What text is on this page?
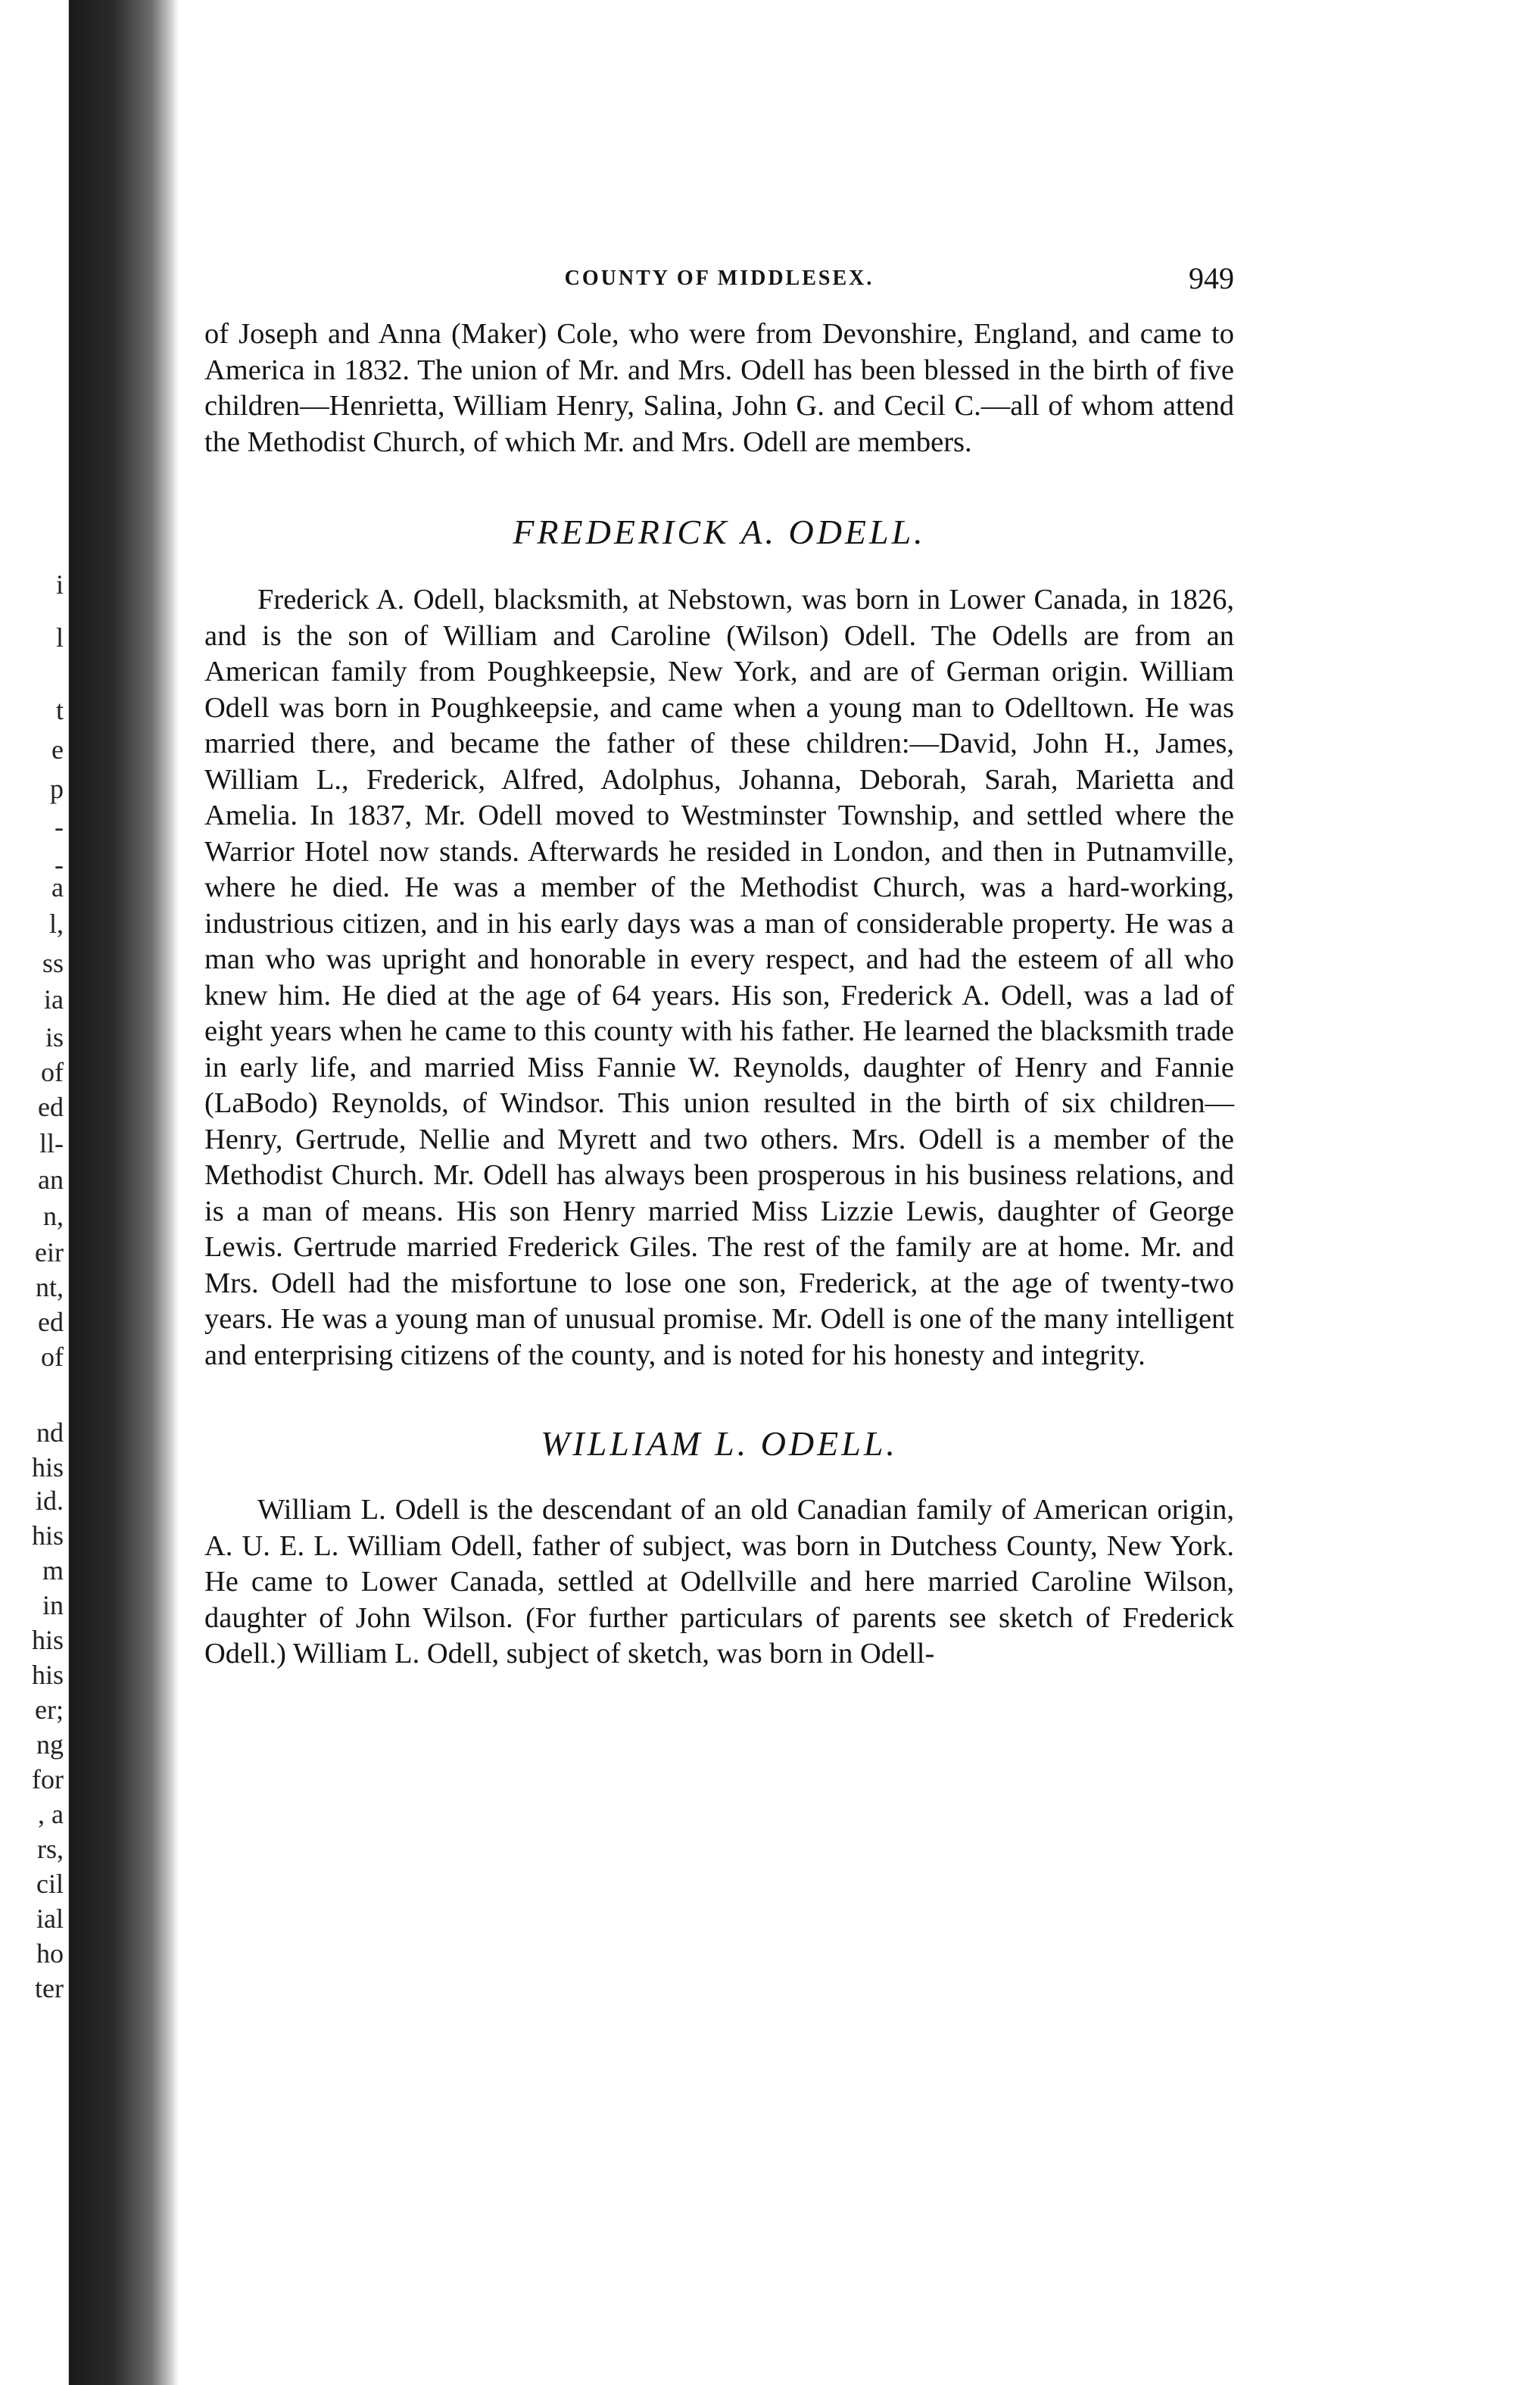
i
l
t
e
p
-
-
a
l,
ss
ia
is
of
ed
ll-
an
n,
eir
nt,
ed
of
nd
his
id.
his
m
in
his
his
er;
ng
for
, a
rs,
cil
ial
ho
ter
COUNTY OF MIDDLESEX.	949

of Joseph and Anna (Maker) Cole, who were from Devonshire, England, and came to America in 1832. The union of Mr. and Mrs. Odell has been blessed in the birth of five children—Henrietta, William Henry, Salina, John G. and Cecil C.—all of whom attend the Methodist Church, of which Mr. and Mrs. Odell are members.

FREDERICK A. ODELL.

Frederick A. Odell, blacksmith, at Nebstown, was born in Lower Canada, in 1826, and is the son of William and Caroline (Wilson) Odell. The Odells are from an American family from Poughkeepsie, New York, and are of German origin. William Odell was born in Poughkeepsie, and came when a young man to Odelltown. He was married there, and became the father of these children:—David, John H., James, William L., Frederick, Alfred, Adolphus, Johanna, Deborah, Sarah, Marietta and Amelia. In 1837, Mr. Odell moved to Westminster Township, and settled where the Warrior Hotel now stands. Afterwards he resided in London, and then in Putnamville, where he died. He was a member of the Methodist Church, was a hard-working, industrious citizen, and in his early days was a man of considerable property. He was a man who was upright and honorable in every respect, and had the esteem of all who knew him. He died at the age of 64 years. His son, Frederick A. Odell, was a lad of eight years when he came to this county with his father. He learned the blacksmith trade in early life, and married Miss Fannie W. Reynolds, daughter of Henry and Fannie (LaBodo) Reynolds, of Windsor. This union resulted in the birth of six children—Henry, Gertrude, Nellie and Myrett and two others. Mrs. Odell is a member of the Methodist Church. Mr. Odell has always been prosperous in his business relations, and is a man of means. His son Henry married Miss Lizzie Lewis, daughter of George Lewis. Gertrude married Frederick Giles. The rest of the family are at home. Mr. and Mrs. Odell had the misfortune to lose one son, Frederick, at the age of twenty-two years. He was a young man of unusual promise. Mr. Odell is one of the many intelligent and enterprising citizens of the county, and is noted for his honesty and integrity.

WILLIAM L. ODELL.

William L. Odell is the descendant of an old Canadian family of American origin, A. U. E. L. William Odell, father of subject, was born in Dutchess County, New York. He came to Lower Canada, settled at Odellville and here married Caroline Wilson, daughter of John Wilson. (For further particulars of parents see sketch of Frederick Odell.) William L. Odell, subject of sketch, was born in Odell-
